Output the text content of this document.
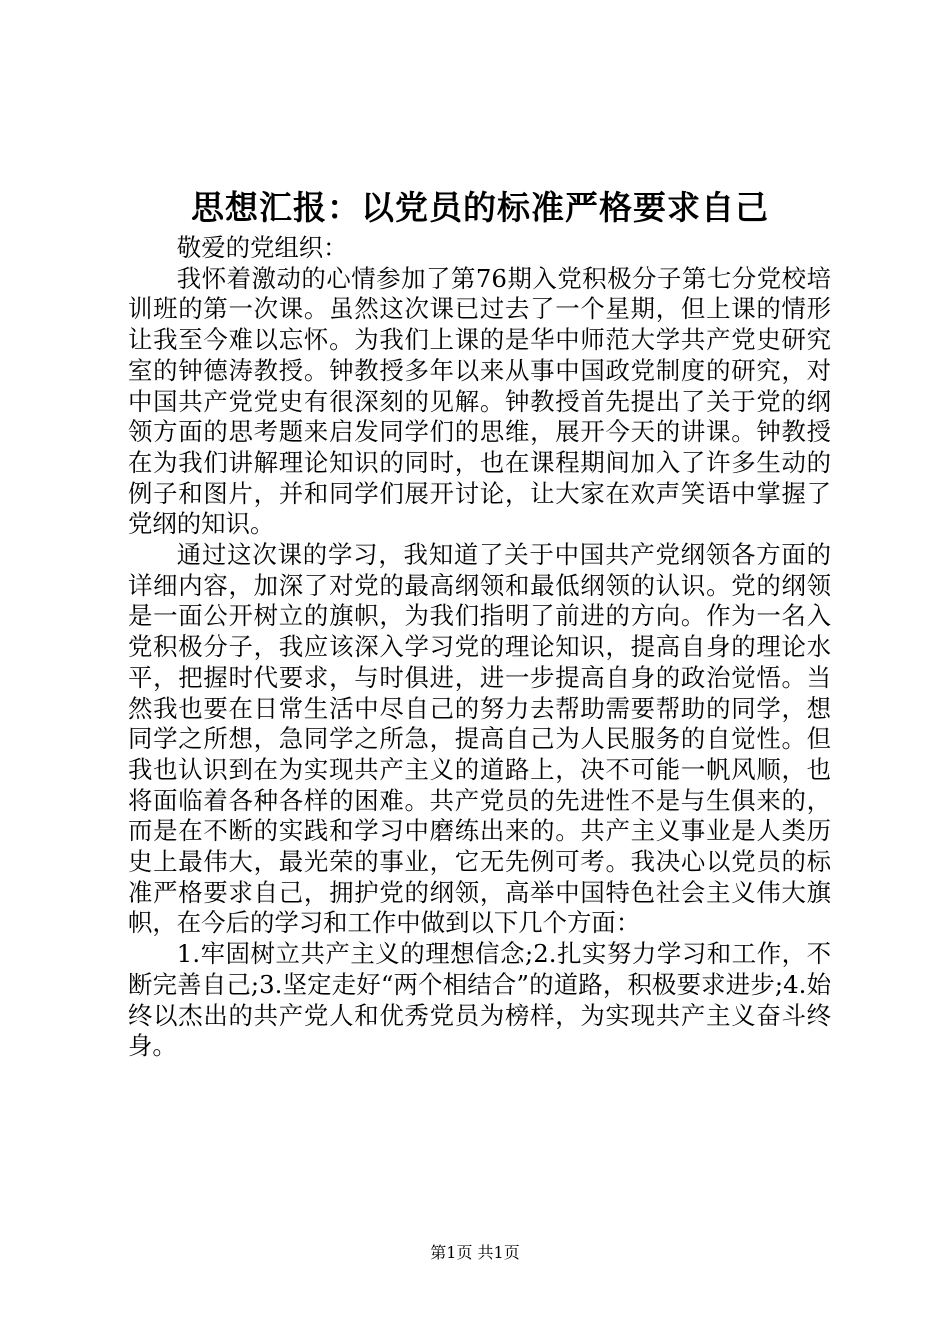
思想汇报：以党员的标准严格要求自己

敬爱的党组织：

我怀着激动的心情参加了第76期入党积极分子第七分党校培训班的第一次课。虽然这次课已过去了一个星期，但上课的情形让我至今难以忘怀。为我们上课的是华中师范大学共产党史研究室的钟德涛教授。钟教授多年以来从事中国政党制度的研究，对中国共产党党史有很深刻的见解。钟教授首先提出了关于党的纲领方面的思考题来启发同学们的思维，展开今天的讲课。钟教授在为我们讲解理论知识的同时，也在课程期间加入了许多生动的例子和图片，并和同学们展开讨论，让大家在欢声笑语中掌握了党纲的知识。

通过这次课的学习，我知道了关于中国共产党纲领各方面的详细内容，加深了对党的最高纲领和最低纲领的认识。党的纲领是一面公开树立的旗帜，为我们指明了前进的方向。作为一名入党积极分子，我应该深入学习党的理论知识，提高自身的理论水平，把握时代要求，与时俱进，进一步提高自身的政治觉悟。当然我也要在日常生活中尽自己的努力去帮助需要帮助的同学，想同学之所想，急同学之所急，提高自己为人民服务的自觉性。但我也认识到在为实现共产主义的道路上，决不可能一帆风顺，也将面临着各种各样的困难。共产党员的先进性不是与生俱来的，而是在不断的实践和学习中磨练出来的。共产主义事业是人类历史上最伟大，最光荣的事业，它无先例可考。我决心以党员的标准严格要求自己，拥护党的纲领，高举中国特色社会主义伟大旗帜，在今后的学习和工作中做到以下几个方面：

1.牢固树立共产主义的理想信念;2.扎实努力学习和工作，不断完善自己;3.坚定走好“两个相结合”的道路，积极要求进步;4.始终以杰出的共产党人和优秀党员为榜样，为实现共产主义奋斗终身。

第1页 共1页
